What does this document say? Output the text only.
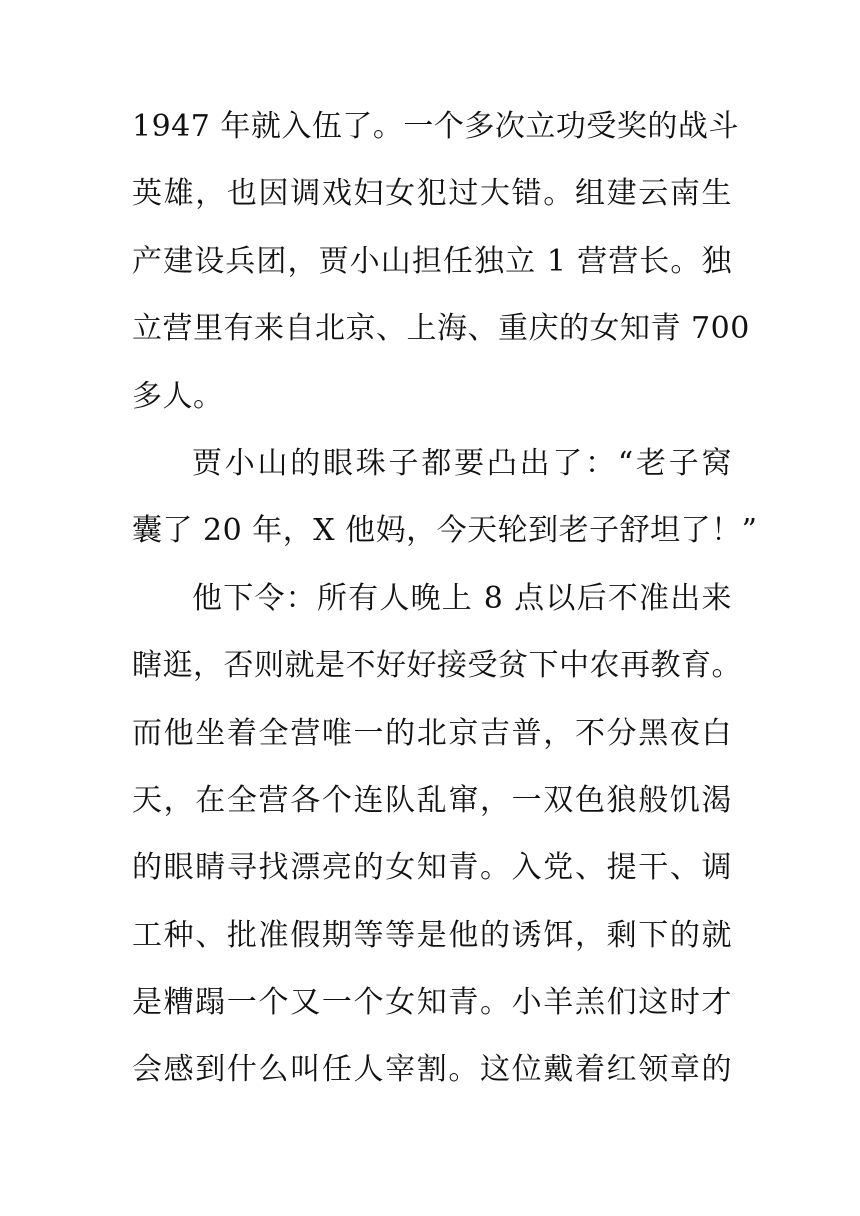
1947 年就入伍了。一个多次立功受奖的战斗
英雄，也因调戏妇女犯过大错。组建云南生
产建设兵团，贾小山担任独立 1 营营长。独
立营里有来自北京、上海、重庆的女知青 700
多人。
贾小山的眼珠子都要凸出了：“老子窝
囊了 20 年，X 他妈，今天轮到老子舒坦了！”
他下令：所有人晚上 8 点以后不准出来
瞎逛，否则就是不好好接受贫下中农再教育。
而他坐着全营唯一的北京吉普，不分黑夜白
天，在全营各个连队乱窜，一双色狼般饥渴
的眼睛寻找漂亮的女知青。入党、提干、调
工种、批准假期等等是他的诱饵，剩下的就
是糟蹋一个又一个女知青。小羊羔们这时才
会感到什么叫任人宰割。这位戴着红领章的
